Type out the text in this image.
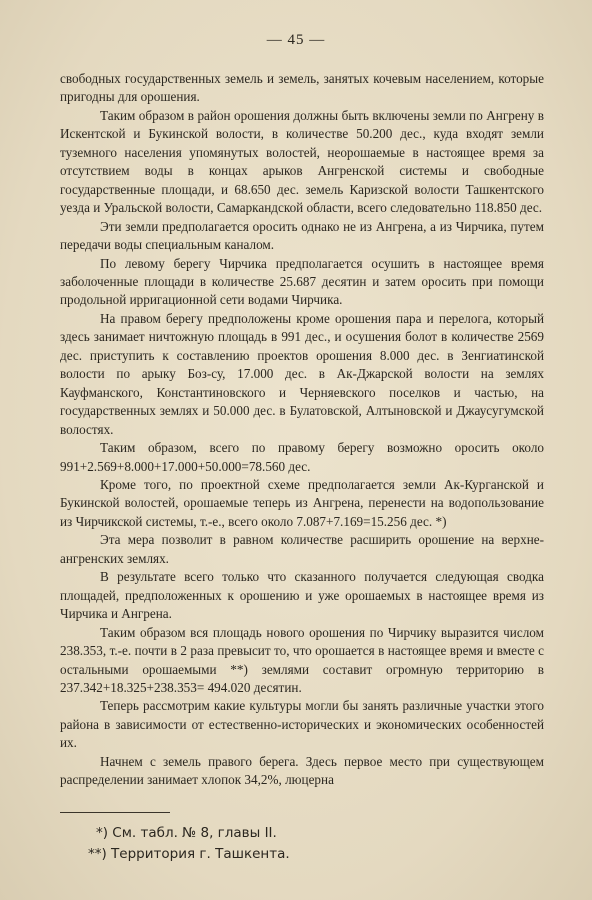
— 45 —

свободных государственных земель и земель, занятых кочевым населением, которые пригодны для орошения.

Таким образом в район орошения должны быть включены земли по Ангрену в Искентской и Букинской волости, в количестве 50.200 дес., куда входят земли туземного населения упомянутых волостей, неорошаемые в настоящее время за отсутствием воды в концах арыков Ангренской системы и свободные государственные площади, и 68.650 дес. земель Каризской волости Ташкентского уезда и Уральской волости, Самаркандской области, всего следовательно 118.850 дес.

Эти земли предполагается оросить однако не из Ангрена, а из Чирчика, путем передачи воды специальным каналом.

По левому берегу Чирчика предполагается осушить в настоящее время заболоченные площади в количестве 25.687 десятин и затем оросить при помощи продольной ирригационной сети водами Чирчика.

На правом берегу предположены кроме орошения пара и перелога, который здесь занимает ничтожную площадь в 991 дес., и осушения болот в количестве 2569 дес. приступить к составлению проектов орошения 8.000 дес. в Зенгиатинской волости по арыку Боз-су, 17.000 дес. в Ак-Джарской волости на землях Кауфманского, Константиновского и Черняевского поселков и частью, на государственных землях и 50.000 дес. в Булатовской, Алтыновской и Джаусугумской волостях.

Таким образом, всего по правому берегу возможно оросить около 991+2.569+8.000+17.000+50.000=78.560 дес.

Кроме того, по проектной схеме предполагается земли Ак-Курганской и Букинской волостей, орошаемые теперь из Ангрена, перенести на водопользование из Чирчикской системы, т.-е., всего около 7.087+7.169=15.256 дес. *)

Эта мера позволит в равном количестве расширить орошение на верхне-ангренских землях.

В результате всего только что сказанного получается следующая сводка площадей, предположенных к орошению и уже орошаемых в настоящее время из Чирчика и Ангрена.

Таким образом вся площадь нового орошения по Чирчику выразится числом 238.353, т.-е. почти в 2 раза превысит то, что орошается в настоящее время и вместе с остальными орошаемыми **) землями составит огромную территорию в 237.342+18.325+238.353= 494.020 десятин.

Теперь рассмотрим какие культуры могли бы занять различные участки этого района в зависимости от естественно-исторических и экономических особенностей их.

Начнем с земель правого берега. Здесь первое место при существующем распределении занимает хлопок 34,2%, люцерна

*) См. табл. № 8, главы II.
**) Территория г. Ташкента.
